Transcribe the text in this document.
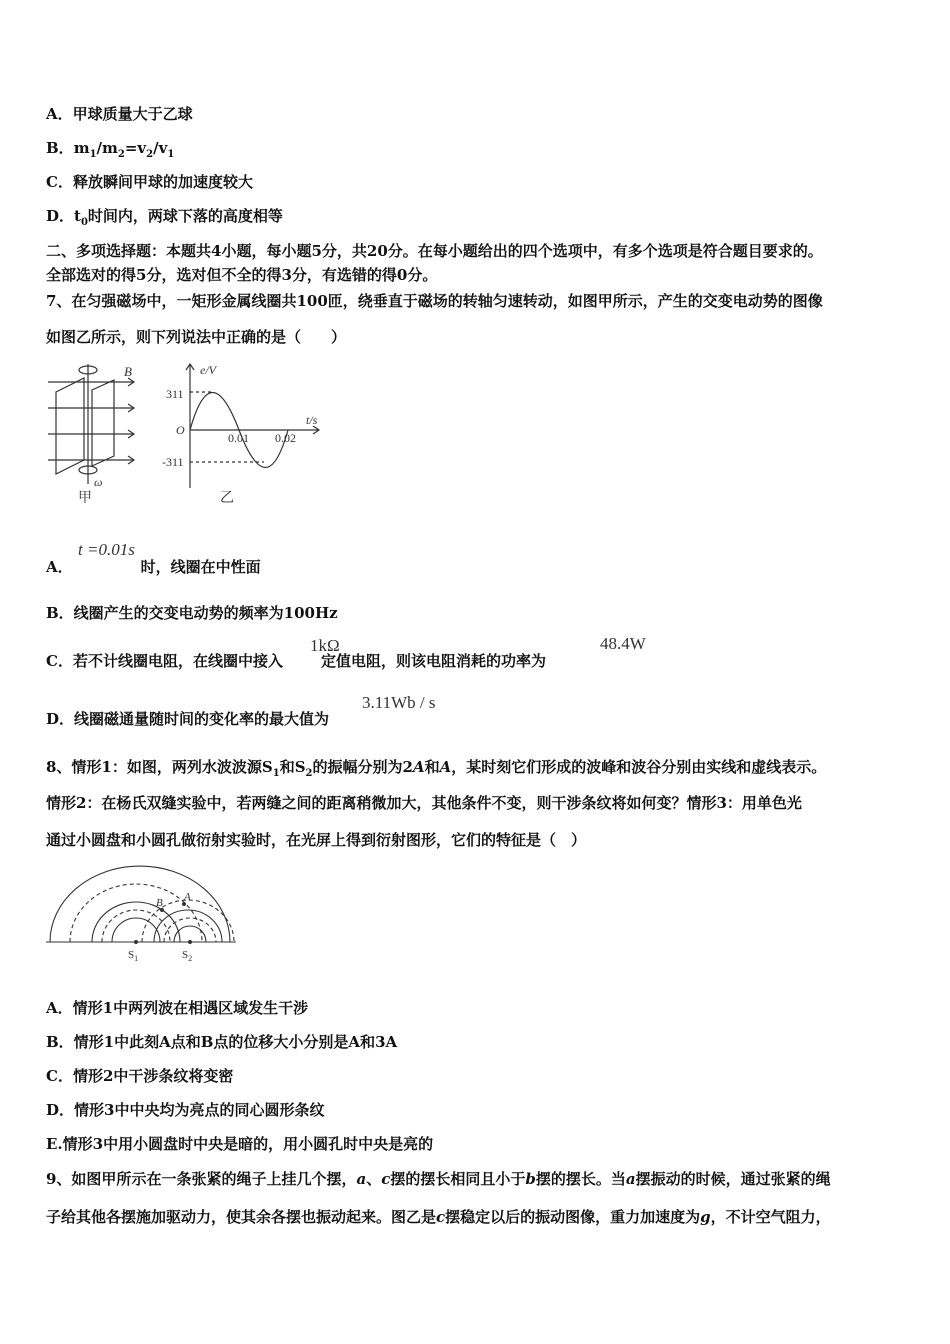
A．甲球质量大于乙球
B．$m_1/m_2=v_2/v_1$
C．释放瞬间甲球的加速度较大
D．$t_0$时间内，两球下落的高度相等
二、多项选择题：本题共4小题，每小题5分，共20分。在每小题给出的四个选项中，有多个选项是符合题目要求的。
全部选对的得5分，选对但不全的得3分，有选错的得0分。
7、在匀强磁场中，一矩形金属线圈共100匝，绕垂直于磁场的转轴匀速转动，如图甲所示，产生的交变电动势的图像
如图乙所示，则下列说法中正确的是（　　）
B
ω
甲
e/V
t/s
311
-311
O
0.01 0.02
乙
A．	时，线圈在中性面
t =0.01s
B．线圈产生的交变电动势的频率为100Hz
C．若不计线圈电阻，在线圈中接入	定值电阻，则该电阻消耗的功率为
1kΩ	48.4W
D．线圈磁通量随时间的变化率的最大值为
3.11Wb / s
8、情形1：如图，两列水波波源$S_1$和$S_2$的振幅分别为2A和A，某时刻它们形成的波峰和波谷分别由实线和虚线表示。
情形2：在杨氏双缝实验中，若两缝之间的距离稍微加大，其他条件不变，则干涉条纹将如何变？情形3：用单色光
通过小圆盘和小圆孔做衍射实验时，在光屏上得到衍射图形，它们的特征是（　）
A
B
$S_1$	$S_2$
A．情形1中两列波在相遇区域发生干涉
B．情形1中此刻A点和B点的位移大小分别是A和3A
C．情形2中干涉条纹将变密
D．情形3中中央均为亮点的同心圆形条纹
E.情形3中用小圆盘时中央是暗的，用小圆孔时中央是亮的
9、如图甲所示在一条张紧的绳子上挂几个摆，a、c摆的摆长相同且小于b摆的摆长。当a摆振动的时候，通过张紧的绳
子给其他各摆施加驱动力，使其余各摆也振动起来。图乙是c摆稳定以后的振动图像，重力加速度为g，不计空气阻力，
